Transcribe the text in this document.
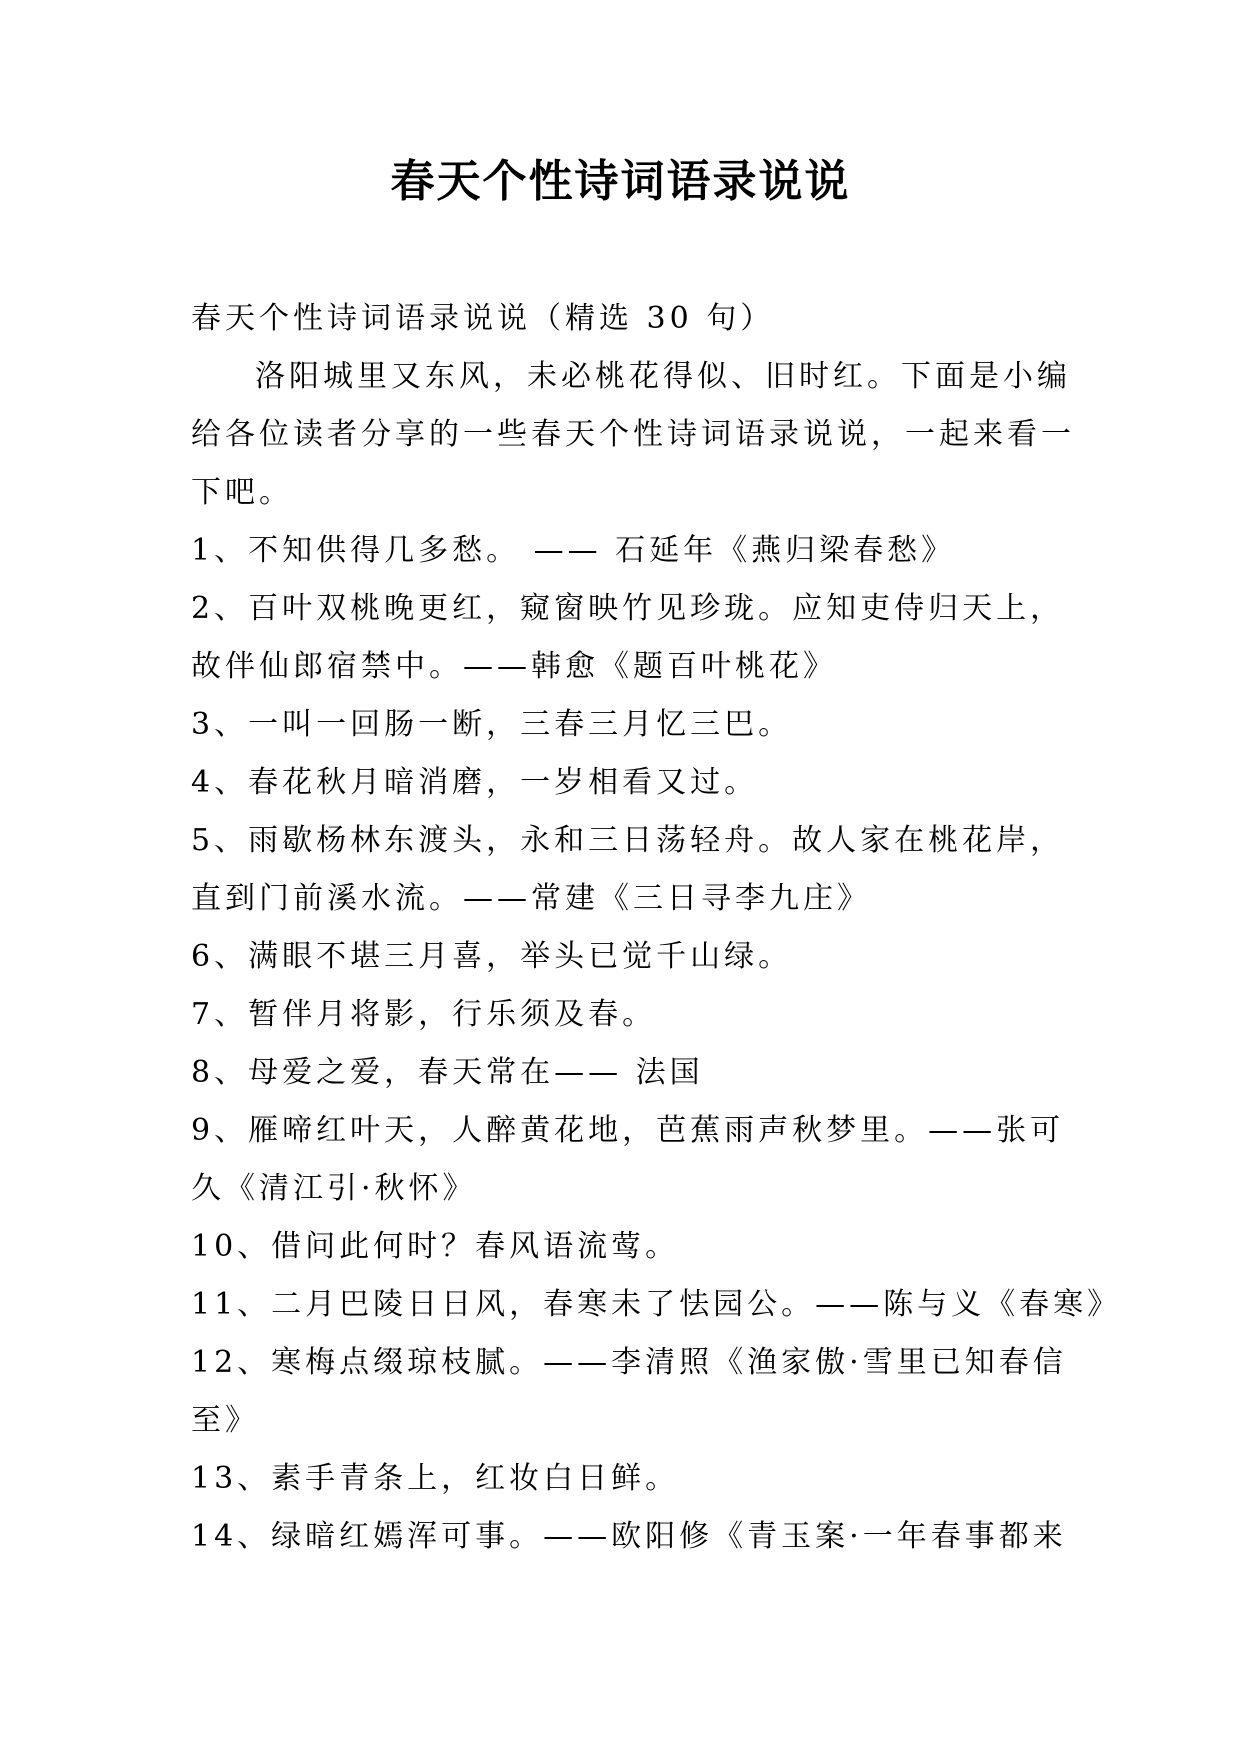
春天个性诗词语录说说

春天个性诗词语录说说（精选 30 句）

洛阳城里又东风，未必桃花得似、旧时红。下面是小编

给各位读者分享的一些春天个性诗词语录说说，一起来看一

下吧。

1、不知供得几多愁。 —— 石延年《燕归梁春愁》

2、百叶双桃晚更红，窥窗映竹见珍珑。应知吏侍归天上，

故伴仙郎宿禁中。——韩愈《题百叶桃花》

3、一叫一回肠一断，三春三月忆三巴。

4、春花秋月暗消磨，一岁相看又过。

5、雨歇杨林东渡头，永和三日荡轻舟。故人家在桃花岸，

直到门前溪水流。——常建《三日寻李九庄》

6、满眼不堪三月喜，举头已觉千山绿。

7、暂伴月将影，行乐须及春。

8、母爱之爱，春天常在—— 法国

9、雁啼红叶天，人醉黄花地，芭蕉雨声秋梦里。——张可

久《清江引·秋怀》

10、借问此何时？春风语流莺。

11、二月巴陵日日风，春寒未了怯园公。——陈与义《春寒》

12、寒梅点缀琼枝腻。——李清照《渔家傲·雪里已知春信

至》

13、素手青条上，红妆白日鲜。

14、绿暗红嫣浑可事。——欧阳修《青玉案·一年春事都来
